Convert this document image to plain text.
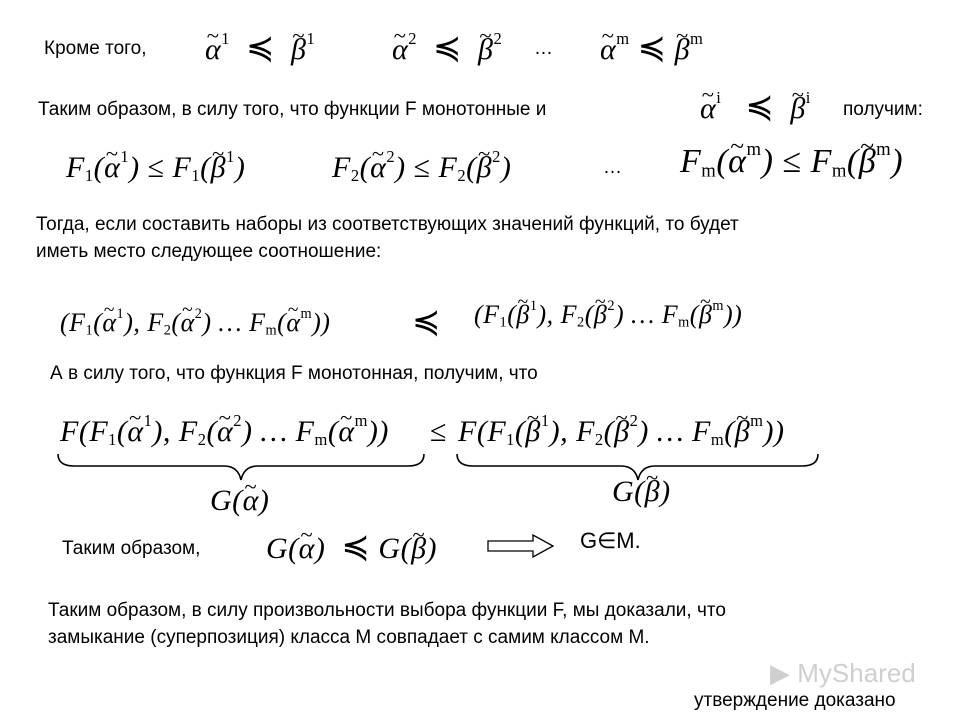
Кроме того, ~ $\alpha^1$ ≼ ~ $\beta^1$	~ $\alpha^2$ ≼ ~ $\beta^2$ … ~ $\alpha^m$ ≼ ~ $\beta^m$
Таким образом, в силу того, что функции F монотонные и	~ $\alpha^i$ ≼ ~ $\beta^i$
получим:
$F_1(\sim$ $\alpha^1$) ≤ $F_1(\sim$ $\beta^1$)	$F_2(\sim$ $\alpha^2$) ≤ $F_2(\sim$ $\beta^2$)	… $F_m(\sim$ $\alpha^m$) ≤ $F_m(\sim$ $\beta^m$)
Тогда, если составить наборы из соответствующих значений функций, то будет
иметь место следующее соотношение:
($F_1(\sim$ $\alpha^1$), $F_2(\sim$ $\alpha^2$) … $F_m(\sim$ $\alpha^m$)) ≼ ($F_1(\sim$ $\beta^1$), $F_2(\sim$ $\beta^2$) … $F_m(\sim$ $\beta^m$))
А в силу того, что функция F монотонная, получим, что
$F(F_1(\sim$ $\alpha^1$), $F_2(\sim$ $\alpha^2$) … $F_m(\sim$ $\alpha^m$)) ≤ $F(F_1(\sim$ $\beta^1$), $F_2(\sim$ $\beta^2$) … $F_m(\sim$ $\beta^m$))
G(~ α)	G(~ β)
Таким образом, G(~ α)  ≼ G(~ β)	G∈M.
Таким образом, в силу произвольности выбора функции F, мы доказали, что
замыкание (суперпозиция) класса М совпадает с самим классом М.
▶ MyShared
утверждение доказано
